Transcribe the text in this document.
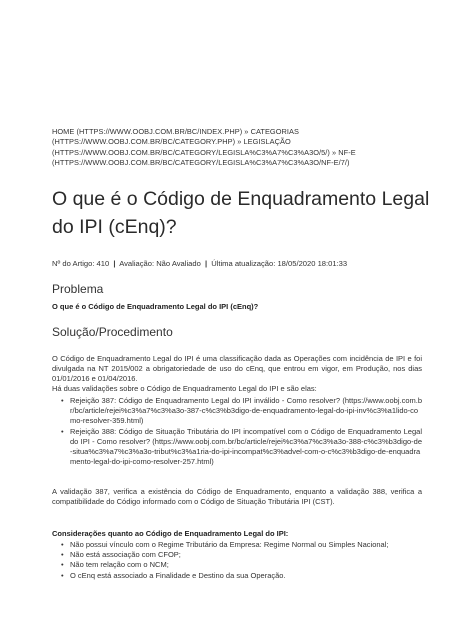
HOME (HTTPS://WWW.OOBJ.COM.BR/BC/INDEX.PHP) » CATEGORIAS
(HTTPS://WWW.OOBJ.COM.BR/BC/CATEGORY.PHP) » LEGISLAÇÃO
(HTTPS://WWW.OOBJ.COM.BR/BC/CATEGORY/LEGISLA%C3%A7%C3%A3O/5/) » NF-E
(HTTPS://WWW.OOBJ.COM.BR/BC/CATEGORY/LEGISLA%C3%A7%C3%A3O/NF-E/7/)
O que é o Código de Enquadramento Legal do IPI (cEnq)?
Nº do Artigo: 410 | Avaliação: Não Avaliado | Última atualização: 18/05/2020 18:01:33
Problema
O que é o Código de Enquadramento Legal do IPI (cEnq)?
Solução/Procedimento
O Código de Enquadramento Legal do IPI é uma classificação dada as Operações com incidência de IPI e foi divulgada na NT 2015/002 a obrigatoriedade de uso do cEnq, que entrou em vigor, em Produção, nos dias 01/01/2016 e 01/04/2016.
Há duas validações sobre o Código de Enquadramento Legal do IPI e são elas:
• Rejeição 387: Código de Enquadramento Legal do IPI inválido - Como resolver? (https://www.oobj.com.br/bc/article/rejei%c3%a7%c3%a3o-387-c%c3%b3digo-de-enquadramento-legal-do-ipi-inv%c3%a1lido-como-resolver-359.html)
• Rejeição 388: Código de Situação Tributária do IPI incompatível com o Código de Enquadramento Legal do IPI - Como resolver? (https://www.oobj.com.br/bc/article/rejei%c3%a7%c3%a3o-388-c%c3%b3digo-de-situa%c3%a7%c3%a3o-tribut%c3%a1ria-do-ipi-incompat%c3%advel-com-o-c%c3%b3digo-de-enquadramento-legal-do-ipi-como-resolver-257.html)
A validação 387, verifica a existência do Código de Enquadramento, enquanto a validação 388, verifica a compatibilidade do Código informado com o Código de Situação Tributária IPI (CST).
Considerações quanto ao Código de Enquadramento Legal do IPI:
• Não possui vínculo com o Regime Tributário da Empresa: Regime Normal ou Simples Nacional;
• Não está associação com CFOP;
• Não tem relação com o NCM;
• O cEnq está associado a Finalidade e Destino da sua Operação.
